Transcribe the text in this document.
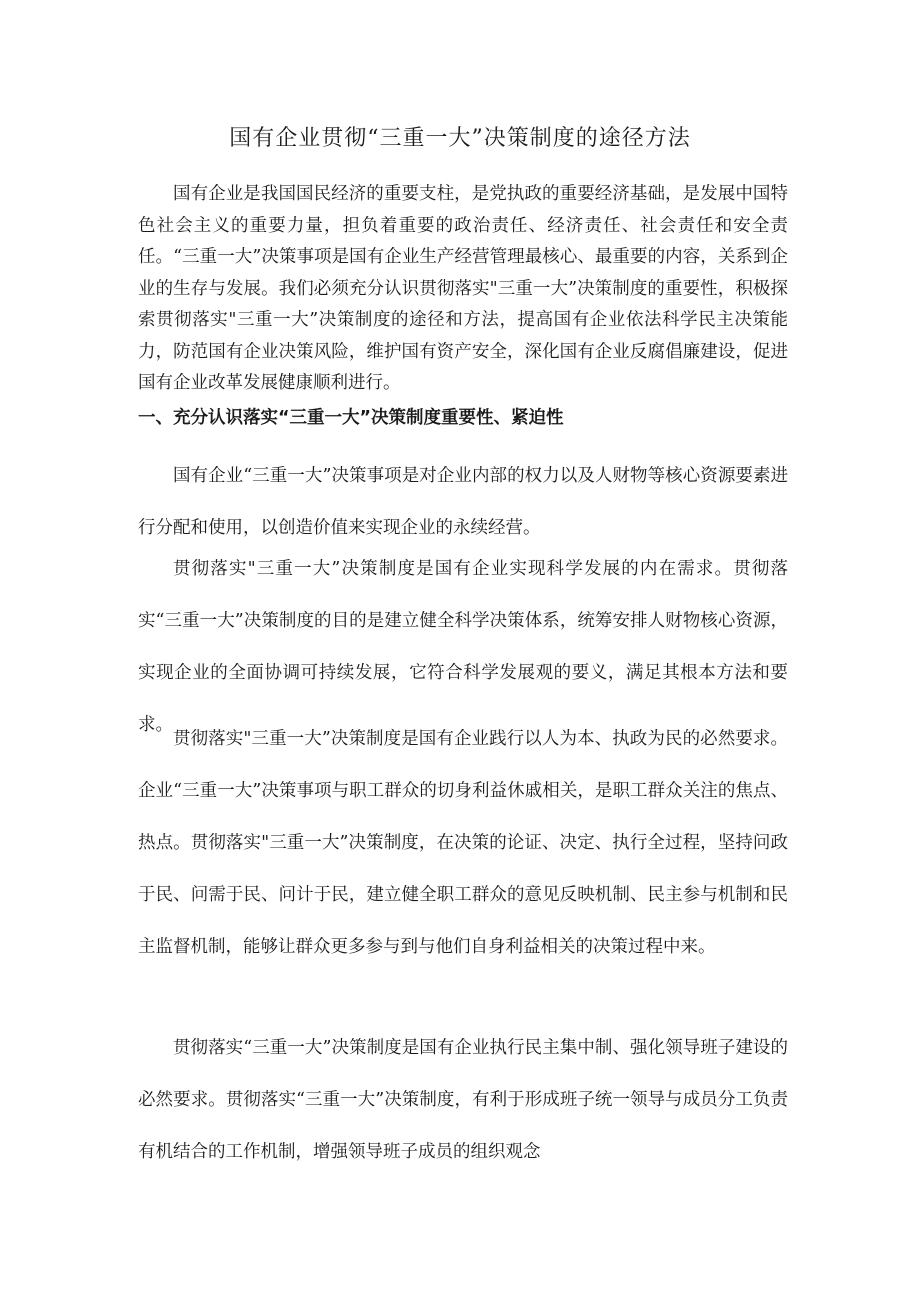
国有企业贯彻“三重一大”决策制度的途径方法

国有企业是我国国民经济的重要支柱，是党执政的重要经济基础，是发展中国特色社会主义的重要力量，担负着重要的政治责任、经济责任、社会责任和安全责任。“三重一大”决策事项是国有企业生产经营管理最核心、最重要的内容，关系到企业的生存与发展。我们必须充分认识贯彻落实"三重一大”决策制度的重要性，积极探索贯彻落实"三重一大”决策制度的途径和方法，提高国有企业依法科学民主决策能力，防范国有企业决策风险，维护国有资产安全，深化国有企业反腐倡廉建设，促进国有企业改革发展健康顺利进行。

一、充分认识落实“三重一大”决策制度重要性、紧迫性

国有企业“三重一大”决策事项是对企业内部的权力以及人财物等核心资源要素进行分配和使用，以创造价值来实现企业的永续经营。

贯彻落实"三重一大”决策制度是国有企业实现科学发展的内在需求。贯彻落实“三重一大”决策制度的目的是建立健全科学决策体系，统筹安排人财物核心资源，实现企业的全面协调可持续发展，它符合科学发展观的要义，满足其根本方法和要求。

贯彻落实"三重一大”决策制度是国有企业践行以人为本、执政为民的必然要求。企业“三重一大”决策事项与职工群众的切身利益休戚相关，是职工群众关注的焦点、热点。贯彻落实"三重一大”决策制度，在决策的论证、决定、执行全过程，坚持问政于民、问需于民、问计于民，建立健全职工群众的意见反映机制、民主参与机制和民主监督机制，能够让群众更多参与到与他们自身利益相关的决策过程中来。

贯彻落实“三重一大”决策制度是国有企业执行民主集中制、强化领导班子建设的必然要求。贯彻落实“三重一大”决策制度，有利于形成班子统一领导与成员分工负责有机结合的工作机制，增强领导班子成员的组织观念
